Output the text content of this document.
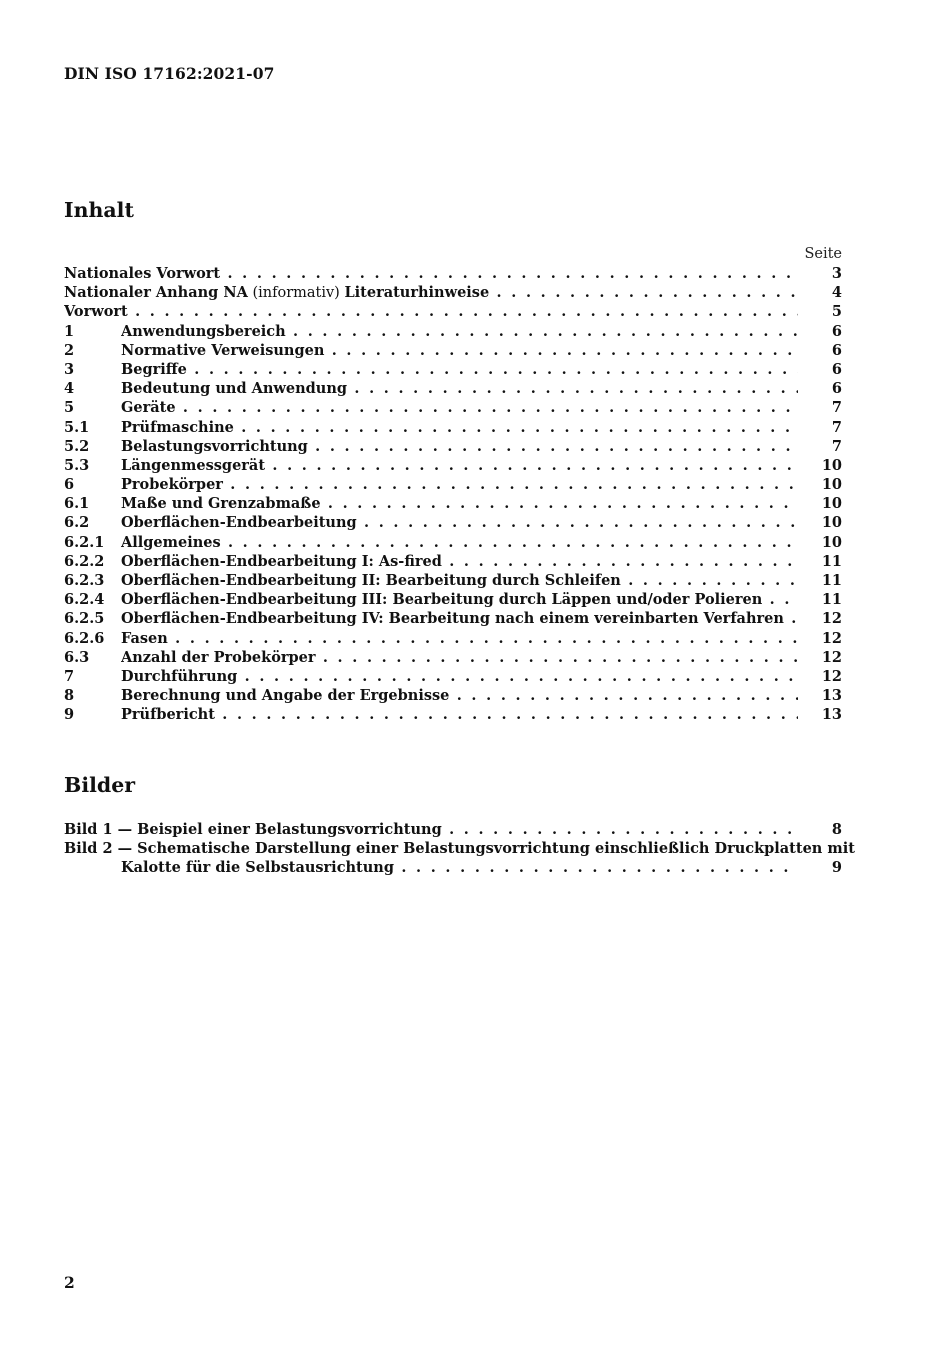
DIN ISO 17162:2021-07
Inhalt
Seite
Nationales Vorwort . . .	3
Nationaler Anhang NA (informativ) Literaturhinweise . . .	4
Vorwort . . .	5
1	Anwendungsbereich . . .	6
2	Normative Verweisungen . . .	6
3	Begriffe . . .	6
4	Bedeutung und Anwendung . . .	6
5	Geräte . . .	7
5.1	Prüfmaschine . . .	7
5.2	Belastungsvorrichtung . . .	7
5.3	Längenmessgerät . . .	10
6	Probekörper . . .	10
6.1	Maße und Grenzabmaße . . .	10
6.2	Oberflächen-Endbearbeitung . . .	10
6.2.1	Allgemeines . . .	10
6.2.2	Oberflächen-Endbearbeitung I: As-fired . . .	11
6.2.3	Oberflächen-Endbearbeitung II: Bearbeitung durch Schleifen . . .	11
6.2.4	Oberflächen-Endbearbeitung III: Bearbeitung durch Läppen und/oder Polieren . . .	11
6.2.5	Oberflächen-Endbearbeitung IV: Bearbeitung nach einem vereinbarten Verfahren . . .	12
6.2.6	Fasen . . .	12
6.3	Anzahl der Probekörper . . .	12
7	Durchführung . . .	12
8	Berechnung und Angabe der Ergebnisse . . .	13
9	Prüfbericht . . .	13
Bilder
Bild 1 — Beispiel einer Belastungsvorrichtung . . .	8
Bild 2 — Schematische Darstellung einer Belastungsvorrichtung einschließlich Druckplatten mit
Kalotte für die Selbstausrichtung . . .	9
2
